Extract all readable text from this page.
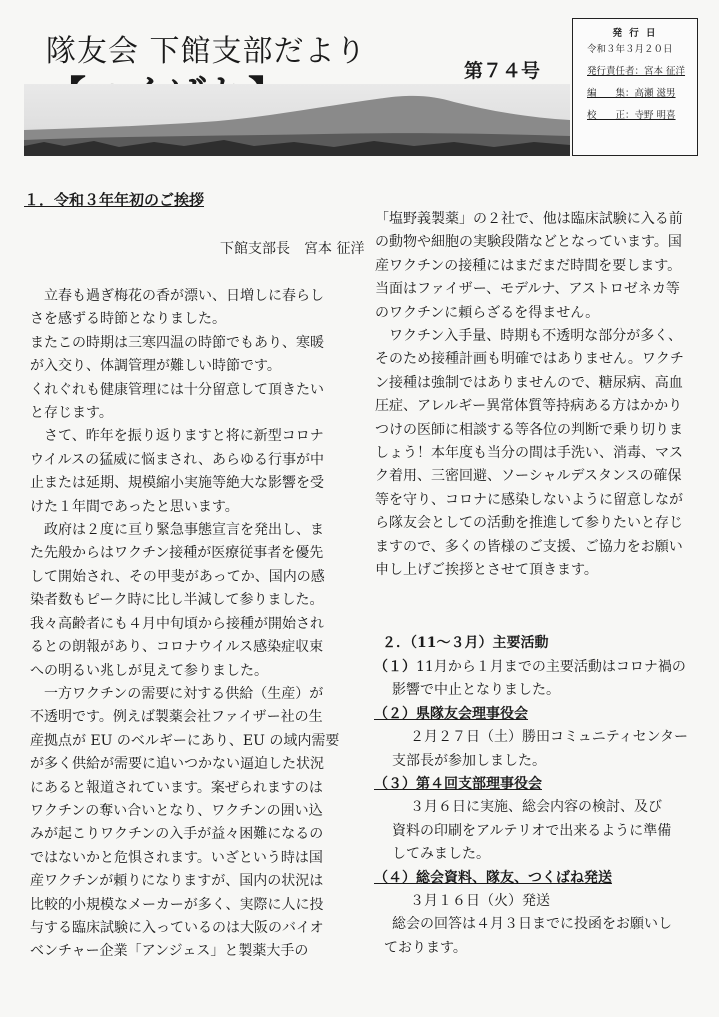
隊友会 下館支部だより
第７４号
発 行 日
令和３年３月２０日
発行責任者：宮本 征洋
編　　集：高瀬 滋男
校　　正：寺野 明喜
１．令和３年年初のご挨拶
下館支部長　宮本 征洋

　立春も過ぎ梅花の香が漂い、日増しに春らし

さを感ずる時節となりました。

またこの時期は三寒四温の時節でもあり、寒暖

が入交り、体調管理が難しい時節です。

くれぐれも健康管理には十分留意して頂きたい

と存じます。

　さて、昨年を振り返りますと将に新型コロナ

ウイルスの猛威に悩まされ、あらゆる行事が中

止または延期、規模縮小実施等絶大な影響を受

けた１年間であったと思います。

　政府は２度に亘り緊急事態宣言を発出し、ま

た先般からはワクチン接種が医療従事者を優先

して開始され、その甲斐があってか、国内の感

染者数もピーク時に比し半減して参りました。

我々高齢者にも４月中旬頃から接種が開始され

るとの朗報があり、コロナウイルス感染症収束

への明るい兆しが見えて参りました。

　一方ワクチンの需要に対する供給（生産）が

不透明です。例えば製薬会社ファイザー社の生

産拠点が EU のベルギーにあり、EU の域内需要

が多く供給が需要に追いつかない逼迫した状況

にあると報道されています。案ぜられますのは

ワクチンの奪い合いとなり、ワクチンの囲い込

みが起こりワクチンの入手が益々困難になるの

ではないかと危惧されます。いざという時は国

産ワクチンが頼りになりますが、国内の状況は

比較的小規模なメーカーが多く、実際に人に投

与する臨床試験に入っているのは大阪のバイオ

ベンチャー企業「アンジェス」と製薬大手の

「塩野義製薬」の２社で、他は臨床試験に入る前

の動物や細胞の実験段階などとなっています。国

産ワクチンの接種にはまだまだ時間を要します。

当面はファイザー、モデルナ、アストロゼネカ等

のワクチンに頼らざるを得ません。

　ワクチン入手量、時期も不透明な部分が多く、

そのため接種計画も明確ではありません。ワクチ

ン接種は強制ではありませんので、糖尿病、高血

圧症、アレルギー異常体質等持病ある方はかかり

つけの医師に相談する等各位の判断で乗り切りま

しょう！本年度も当分の間は手洗い、消毒、マス

ク着用、三密回避、ソーシャルデスタンスの確保

等を守り、コロナに感染しないように留意しなが

ら隊友会としての活動を推進して参りたいと存じ

ますので、多くの皆様のご支援、ご協力をお願い

申し上げご挨拶とさせて頂きます。

２．（11～３月）主要活動

（１）11月から１月までの主要活動はコロナ禍の

影響で中止となりました。

（２）県隊友会理事役会

２月２７日（土）勝田コミュニティセンター

支部長が参加しました。

（３）第４回支部理事役会

３月６日に実施、総会内容の検討、及び

資料の印刷をアルテリオで出来るように準備

してみました。

（４）総会資料、隊友、つくばね発送

３月１６日（火）発送

総会の回答は４月３日までに投函をお願いし

ております。
